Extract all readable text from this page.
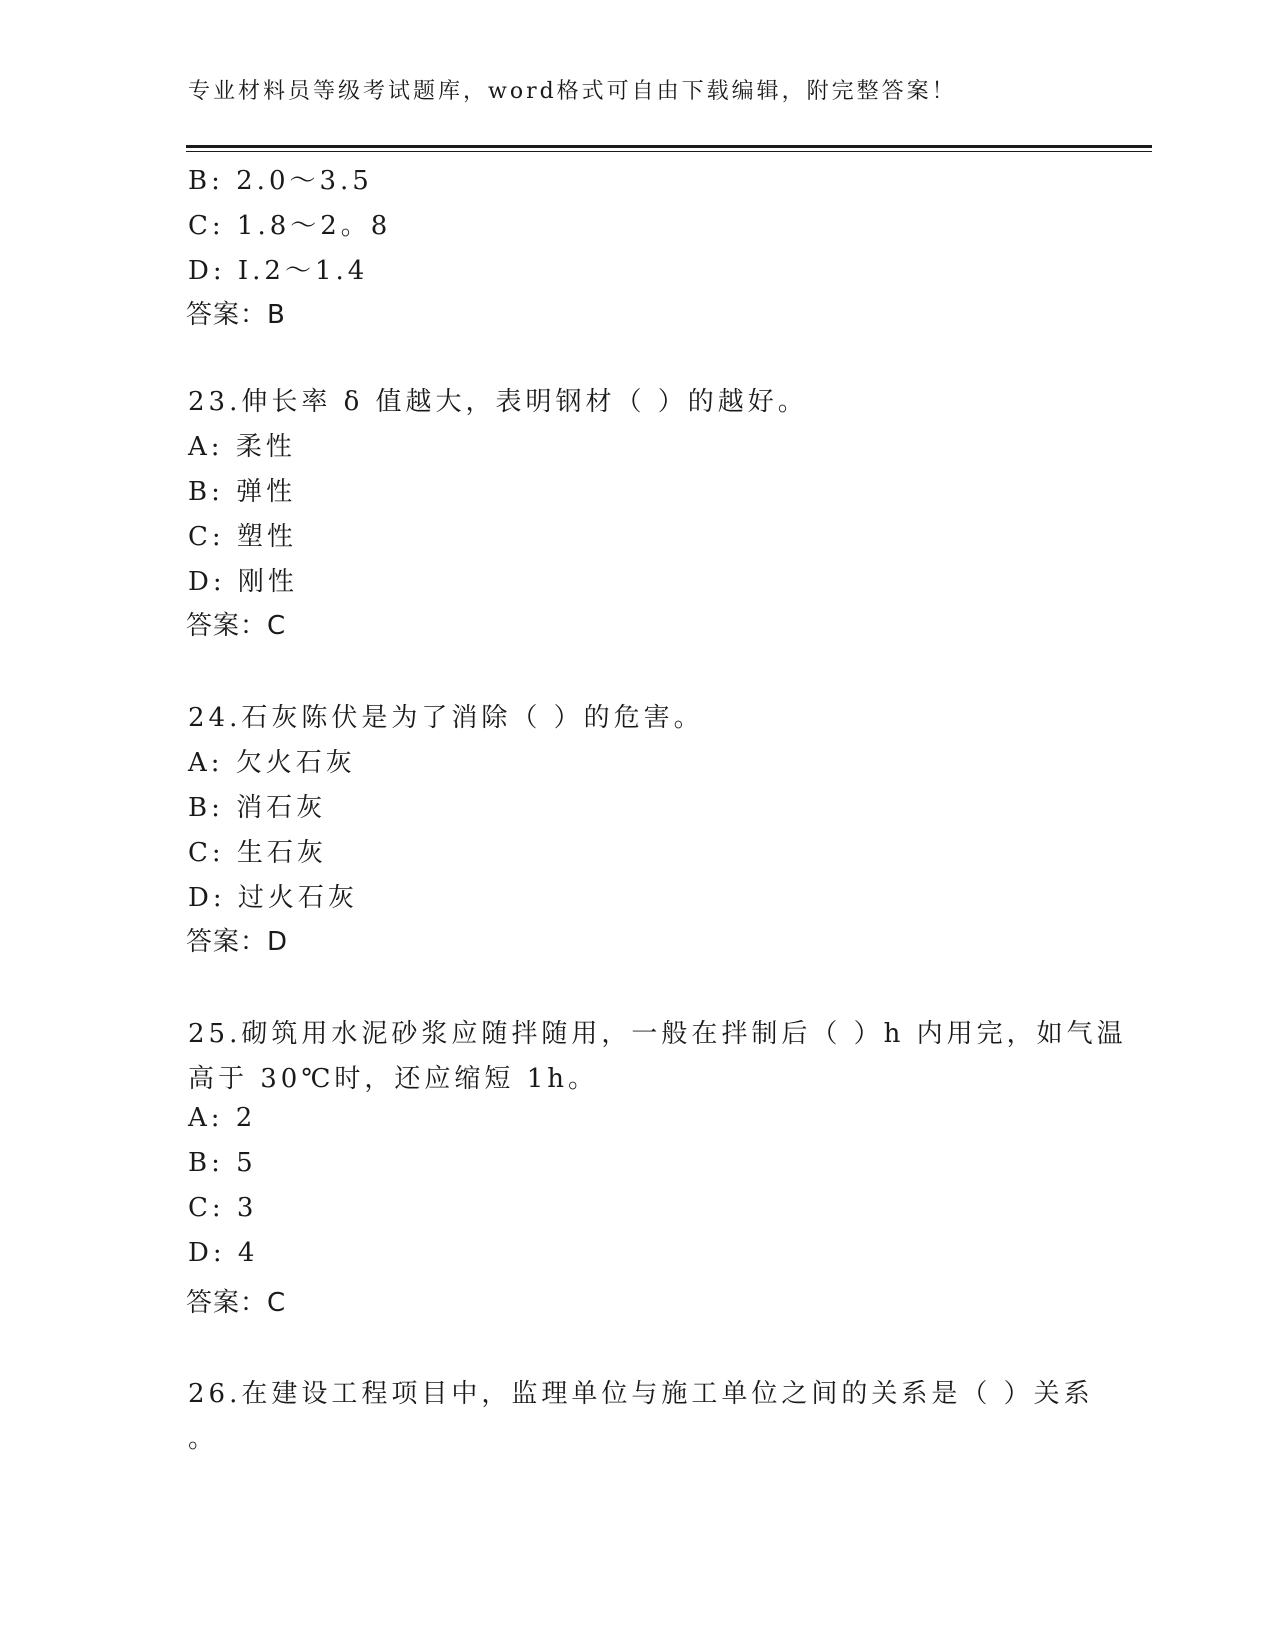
专业材料员等级考试题库，word格式可自由下载编辑，附完整答案！
B: 2.0～3.5
C: 1.8～2。8
D: I.2～1.4
答案：B
23.伸长率 δ 值越大，表明钢材（ ）的越好。
A: 柔性
B: 弹性
C: 塑性
D: 刚性
答案：C
24.石灰陈伏是为了消除（ ）的危害。
A: 欠火石灰
B: 消石灰
C: 生石灰
D: 过火石灰
答案：D
25.砌筑用水泥砂浆应随拌随用，一般在拌制后（ ）h 内用完，如气温
高于 30℃时，还应缩短 1h。
A: 2
B: 5
C: 3
D: 4
答案：C
26.在建设工程项目中，监理单位与施工单位之间的关系是（ ）关系
。
